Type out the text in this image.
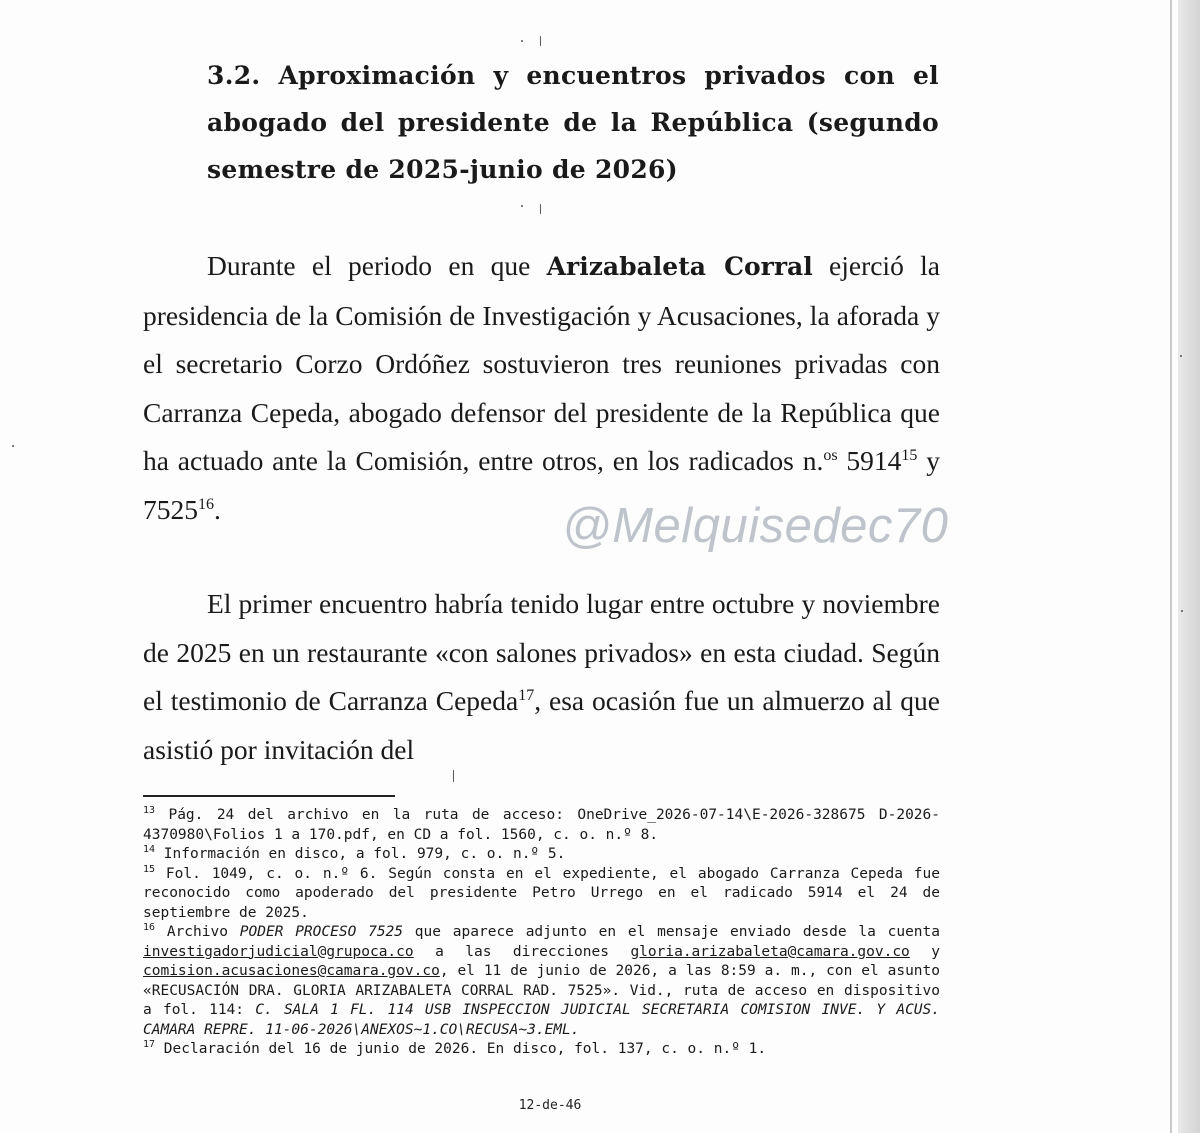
3.2. Aproximación y encuentros privados con el abogado del presidente de la República (segundo semestre de 2025-junio de 2026)

Durante el periodo en que Arizabaleta Corral ejerció la presidencia de la Comisión de Investigación y Acusaciones, la aforada y el secretario Corzo Ordóñez sostuvieron tres reuniones privadas con Carranza Cepeda, abogado defensor del presidente de la República que ha actuado ante la Comisión, entre otros, en los radicados n.$^{os}$ 5914$^{15}$ y 7525$^{16}$.	@Melquisedec70

El primer encuentro habría tenido lugar entre octubre y noviembre de 2025 en un restaurante «con salones privados» en esta ciudad. Según el testimonio de Carranza Cepeda$^{17}$, esa ocasión fue un almuerzo al que asistió por invitación del

$^{13}$ Pág. 24 del archivo en la ruta de acceso: OneDrive_2026-07-14\E-2026-328675 D-2026-4370980\Folios 1 a 170.pdf, en CD a fol. 1560, c. o. n.º 8.

$^{14}$ Información en disco, a fol. 979, c. o. n.º 5.

$^{15}$ Fol. 1049, c. o. n.º 6. Según consta en el expediente, el abogado Carranza Cepeda fue reconocido como apoderado del presidente Petro Urrego en el radicado 5914 el 24 de septiembre de 2025.

$^{16}$ Archivo PODER PROCESO 7525 que aparece adjunto en el mensaje enviado desde la cuenta investigadorjudicial@grupoca.co a las direcciones gloria.arizabaleta@camara.gov.co y comision.acusaciones@camara.gov.co, el 11 de junio de 2026, a las 8:59 a. m., con el asunto «RECUSACIÓN DRA. GLORIA ARIZABALETA CORRAL RAD. 7525». Vid., ruta de acceso en dispositivo a fol. 114: C. SALA 1 FL. 114 USB INSPECCION JUDICIAL SECRETARIA COMISION INVE. Y ACUS. CAMARA REPRE. 11-06-2026\ANEXOS~1.CO\RECUSA~3.EML.

$^{17}$ Declaración del 16 de junio de 2026. En disco, fol. 137, c. o. n.º 1.

12-de-46
